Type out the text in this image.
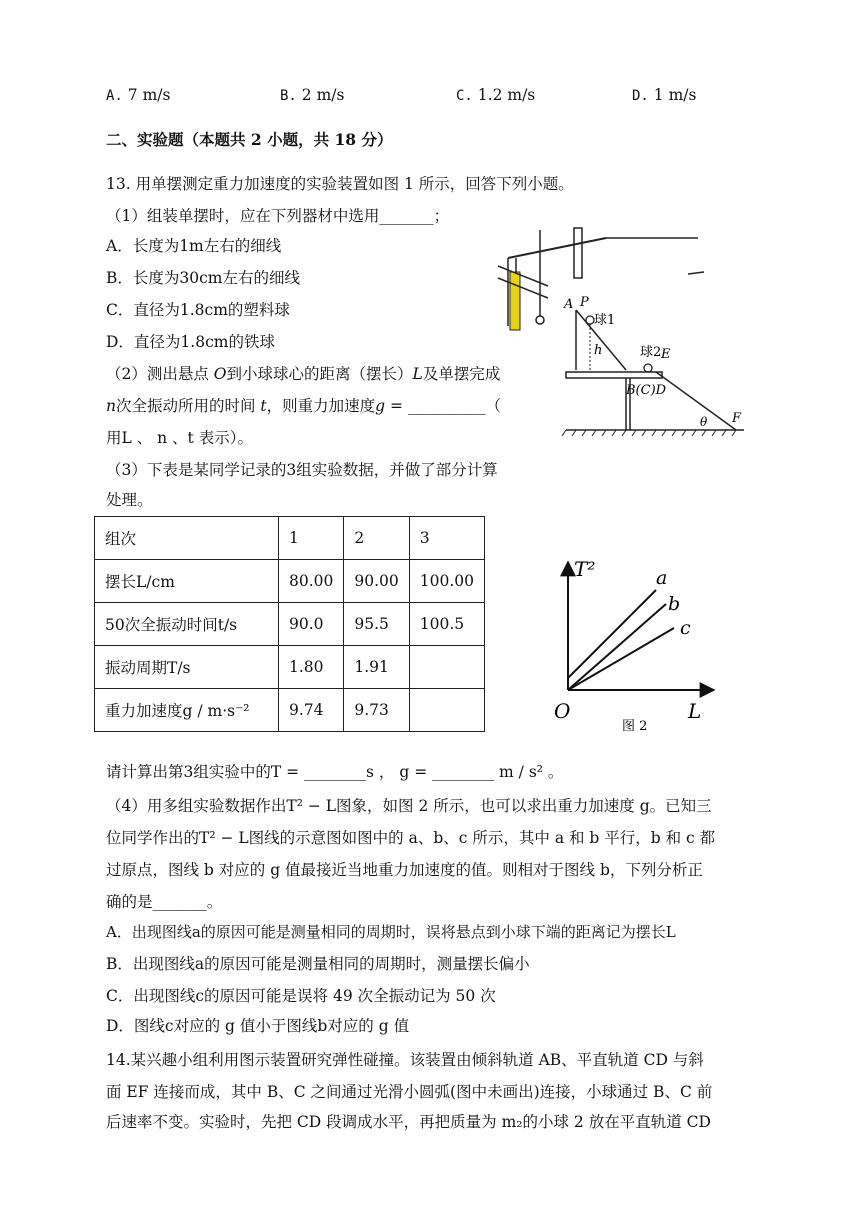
A. 7 m/s	B. 2 m/s	C. 1.2 m/s	D. 1 m/s
二、实验题（本题共 2 小题，共 18 分）
13. 用单摆测定重力加速度的实验装置如图 1 所示，回答下列小题。
（1）组装单摆时，应在下列器材中选用_______；
A．长度为1m左右的细线
B．长度为30cm左右的细线
C．直径为1.8cm的塑料球
D．直径为1.8cm的铁球
（2）测出悬点 O到小球球心的距离（摆长）L及单摆完成
n次全振动所用的时间 t，则重力加速度g = __________（
用L 、 n 、t 表示）。
（3）下表是某同学记录的3组实验数据，并做了部分计算
处理。
组次	1	2	3
摆长L/cm	80.00	90.00	100.00
50次全振动时间t/s	90.0	95.5	100.5
振动周期T/s	1.80	1.91	
重力加速度g / m·s⁻²	9.74	9.73	
请计算出第3组实验中的T = ________s ， g = ________ m / s² 。
（4）用多组实验数据作出T² − L图象，如图 2 所示，也可以求出重力加速度 g。已知三
位同学作出的T² − L图线的示意图如图中的 a、b、c 所示，其中 a 和 b 平行，b 和 c 都
过原点，图线 b 对应的 g 值最接近当地重力加速度的值。则相对于图线 b，下列分析正
确的是_______。
A．出现图线a的原因可能是测量相同的周期时，误将悬点到小球下端的距离记为摆长L
B．出现图线a的原因可能是测量相同的周期时，测量摆长偏小
C．出现图线c的原因可能是误将 49 次全振动记为 50 次
D．图线c对应的 g 值小于图线b对应的 g 值
14.某兴趣小组利用图示装置研究弹性碰撞。该装置由倾斜轨道 AB、平直轨道 CD 与斜
面 EF 连接而成，其中 B、C 之间通过光滑小圆弧(图中未画出)连接，小球通过 B、C 前
后速率不变。实验时，先把 CD 段调成水平，再把质量为 m₂的小球 2 放在平直轨道 CD
A P
球1
h	球2 E
B(C)D
θ F
T²
O	L
a
b
c
图 2
